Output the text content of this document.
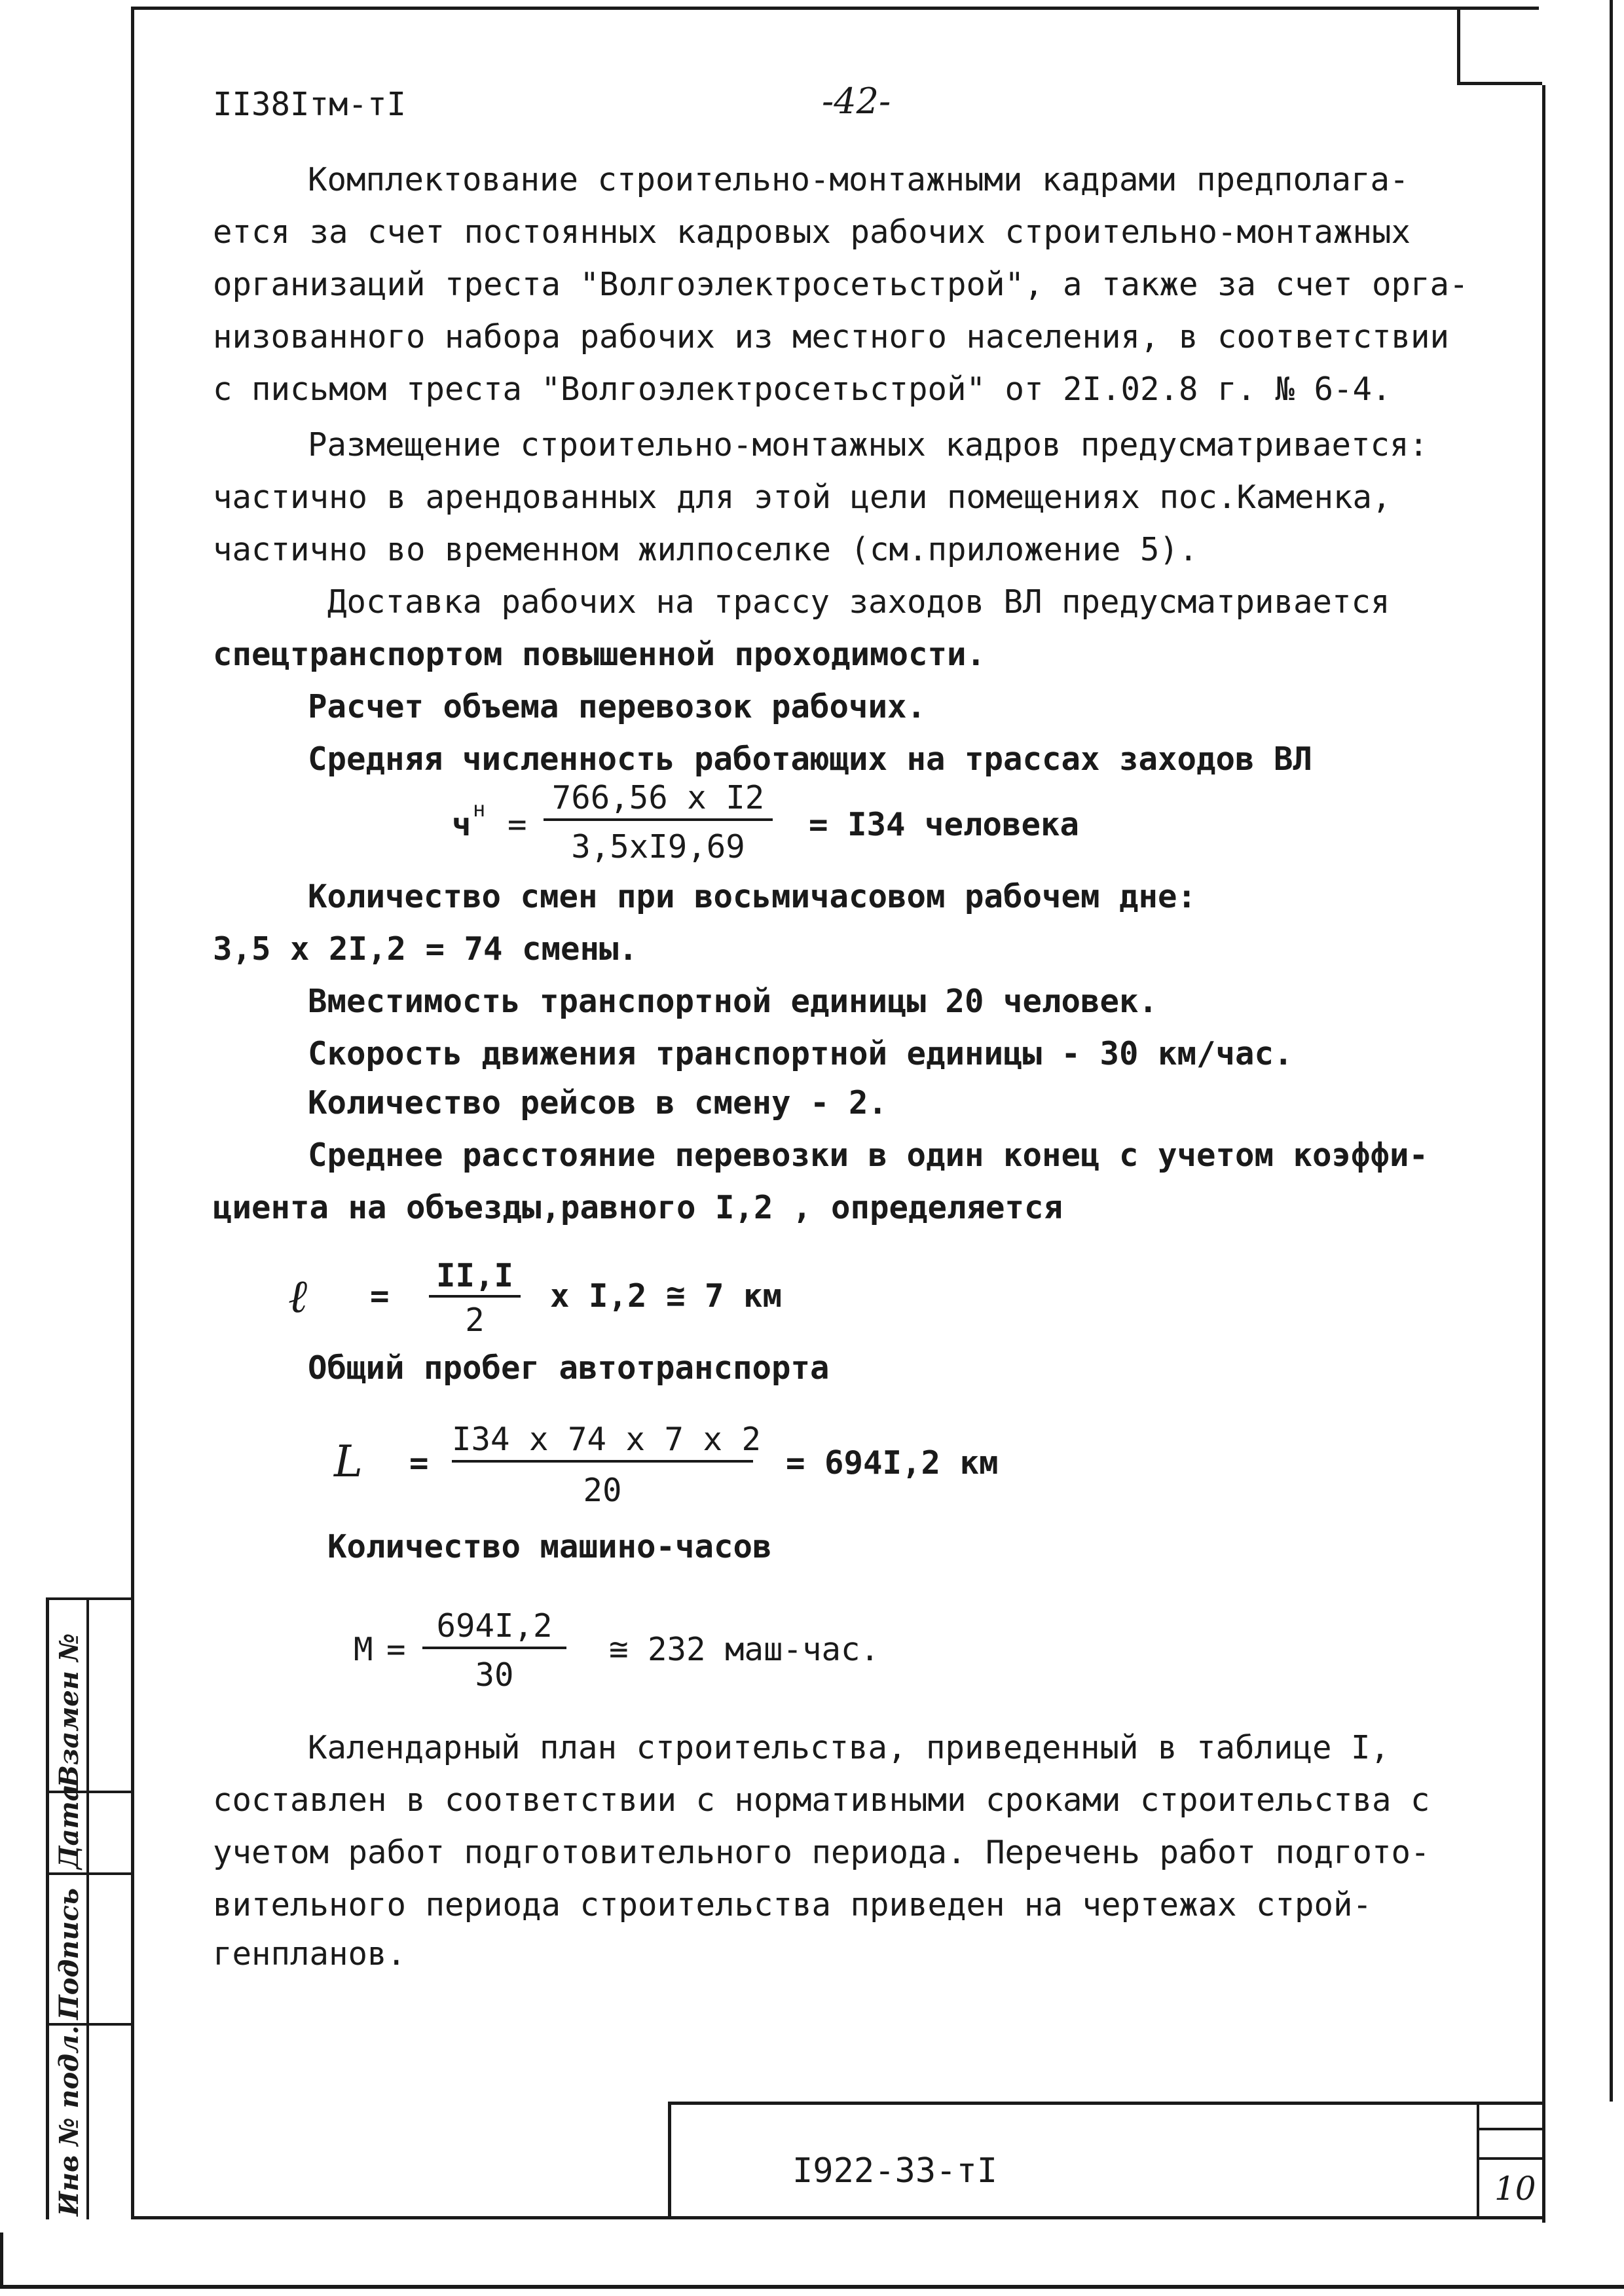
Инв № подл.
Подпись
Дата
Взамен №
II38Iтм-тI	-42-
Комплектование строительно-монтажными кадрами предполага-
ется за счет постоянных кадровых рабочих строительно-монтажных
организаций треста "Волгоэлектросетьстрой", а также за счет орга-
низованного набора рабочих из местного населения, в соответствии
с письмом треста "Волгоэлектросетьстрой" от 2I.02.8 г. № 6-4.
Размещение строительно-монтажных кадров предусматривается:
частично в арендованных для этой цели помещениях пос.Каменка,
частично во временном жилпоселке (см.приложение 5).
Доставка рабочих на трассу заходов ВЛ предусматривается
спецтранспортом повышенной проходимости.
Расчет объема перевозок рабочих.
Средняя численность работающих на трассах заходов ВЛ
ч н =
766,56 х I2
3,5хI9,69
= I34 человека
Количество смен при восьмичасовом рабочем дне:
3,5 х 2I,2 = 74 смены.
Вместимость транспортной единицы 20 человек.
Скорость движения транспортной единицы - 30 км/час.
Количество рейсов в смену - 2.
Среднее расстояние перевозки в один конец с учетом коэффи-
циента на объезды,равного I,2 , определяется
ℓ =
II,I
2
х I,2 ≅ 7 км
Общий пробег автотранспорта
L =
I34 х 74 х 7 х 2
20
= 694I,2 км
Количество машино-часов
М =
694I,2
30
≅ 232 маш-час.
Календарный план строительства, приведенный в таблице I,
составлен в соответствии с нормативными сроками строительства с
учетом работ подготовительного периода. Перечень работ подгото-
вительного периода строительства приведен на чертежах строй-
генпланов.
I922-33-тI	10
